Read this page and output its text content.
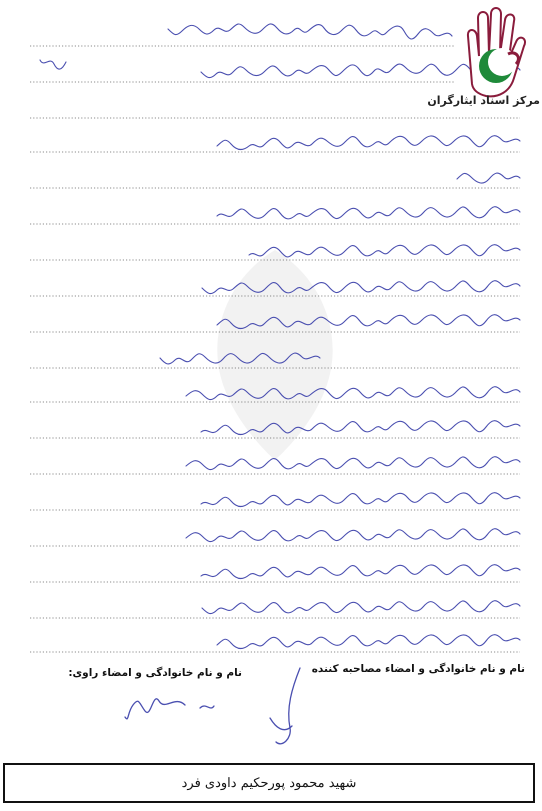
مرکز اسناد ایثارگران
نام و نام خانوادگی و امضاء مصاحبه کننده
نام و نام خانوادگی و امضاء راوی:
شهید محمود پورحکیم داودی فرد
